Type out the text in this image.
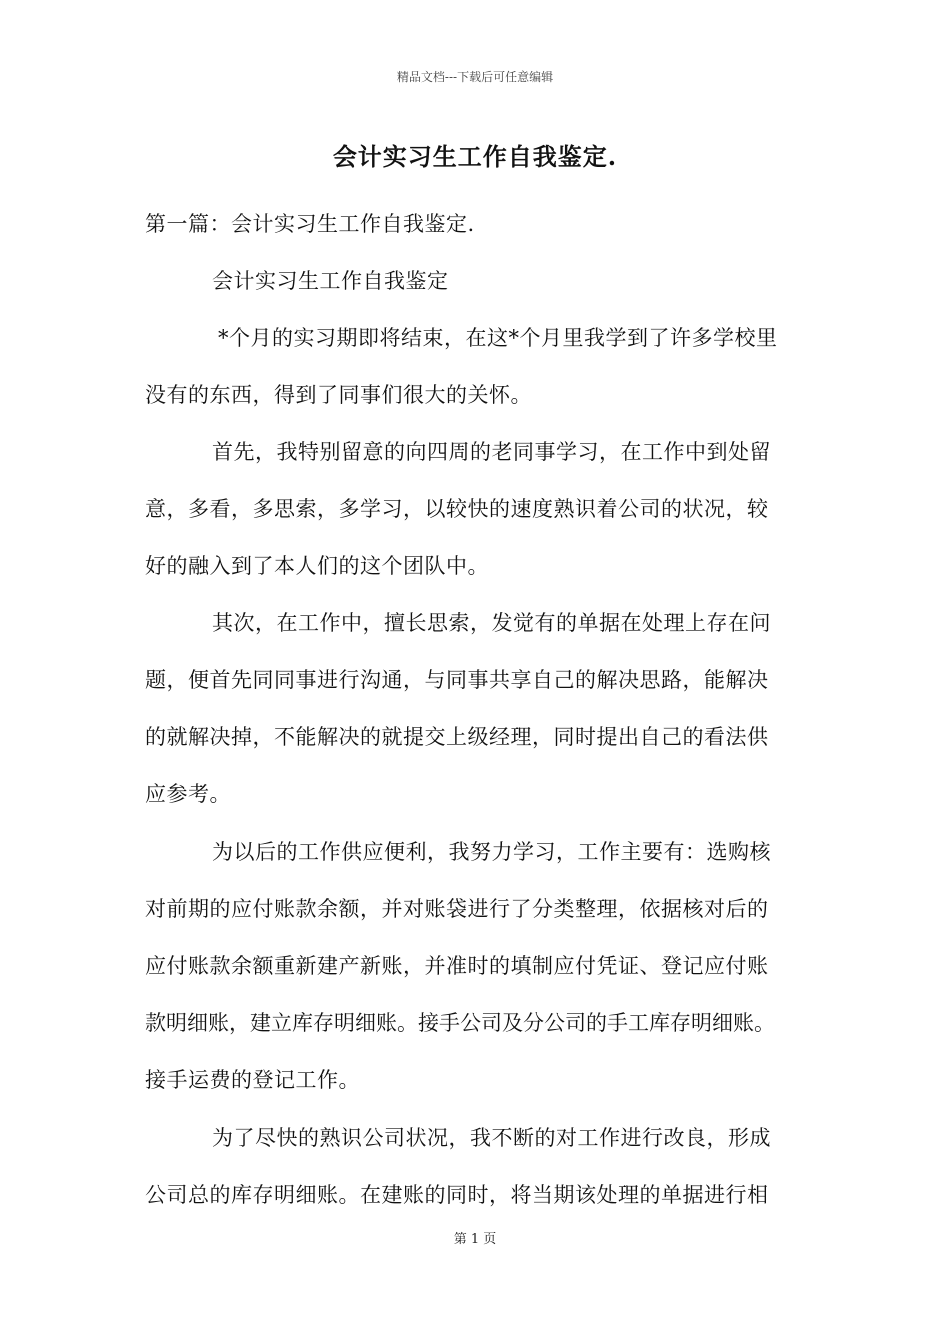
精品文档---下载后可任意编辑
会计实习生工作自我鉴定.
第一篇：会计实习生工作自我鉴定.
会计实习生工作自我鉴定
*个月的实习期即将结束，在这*个月里我学到了许多学校里
没有的东西，得到了同事们很大的关怀。
首先，我特别留意的向四周的老同事学习，在工作中到处留
意，多看，多思索，多学习，以较快的速度熟识着公司的状况，较
好的融入到了本人们的这个团队中。
其次，在工作中，擅长思索，发觉有的单据在处理上存在问
题，便首先同同事进行沟通，与同事共享自己的解决思路，能解决
的就解决掉，不能解决的就提交上级经理，同时提出自己的看法供
应参考。
为以后的工作供应便利，我努力学习，工作主要有：选购核
对前期的应付账款余额，并对账袋进行了分类整理，依据核对后的
应付账款余额重新建产新账，并准时的填制应付凭证、登记应付账
款明细账，建立库存明细账。接手公司及分公司的手工库存明细账。
接手运费的登记工作。
为了尽快的熟识公司状况，我不断的对工作进行改良，形成
公司总的库存明细账。在建账的同时，将当期该处理的单据进行相
第 1 页
